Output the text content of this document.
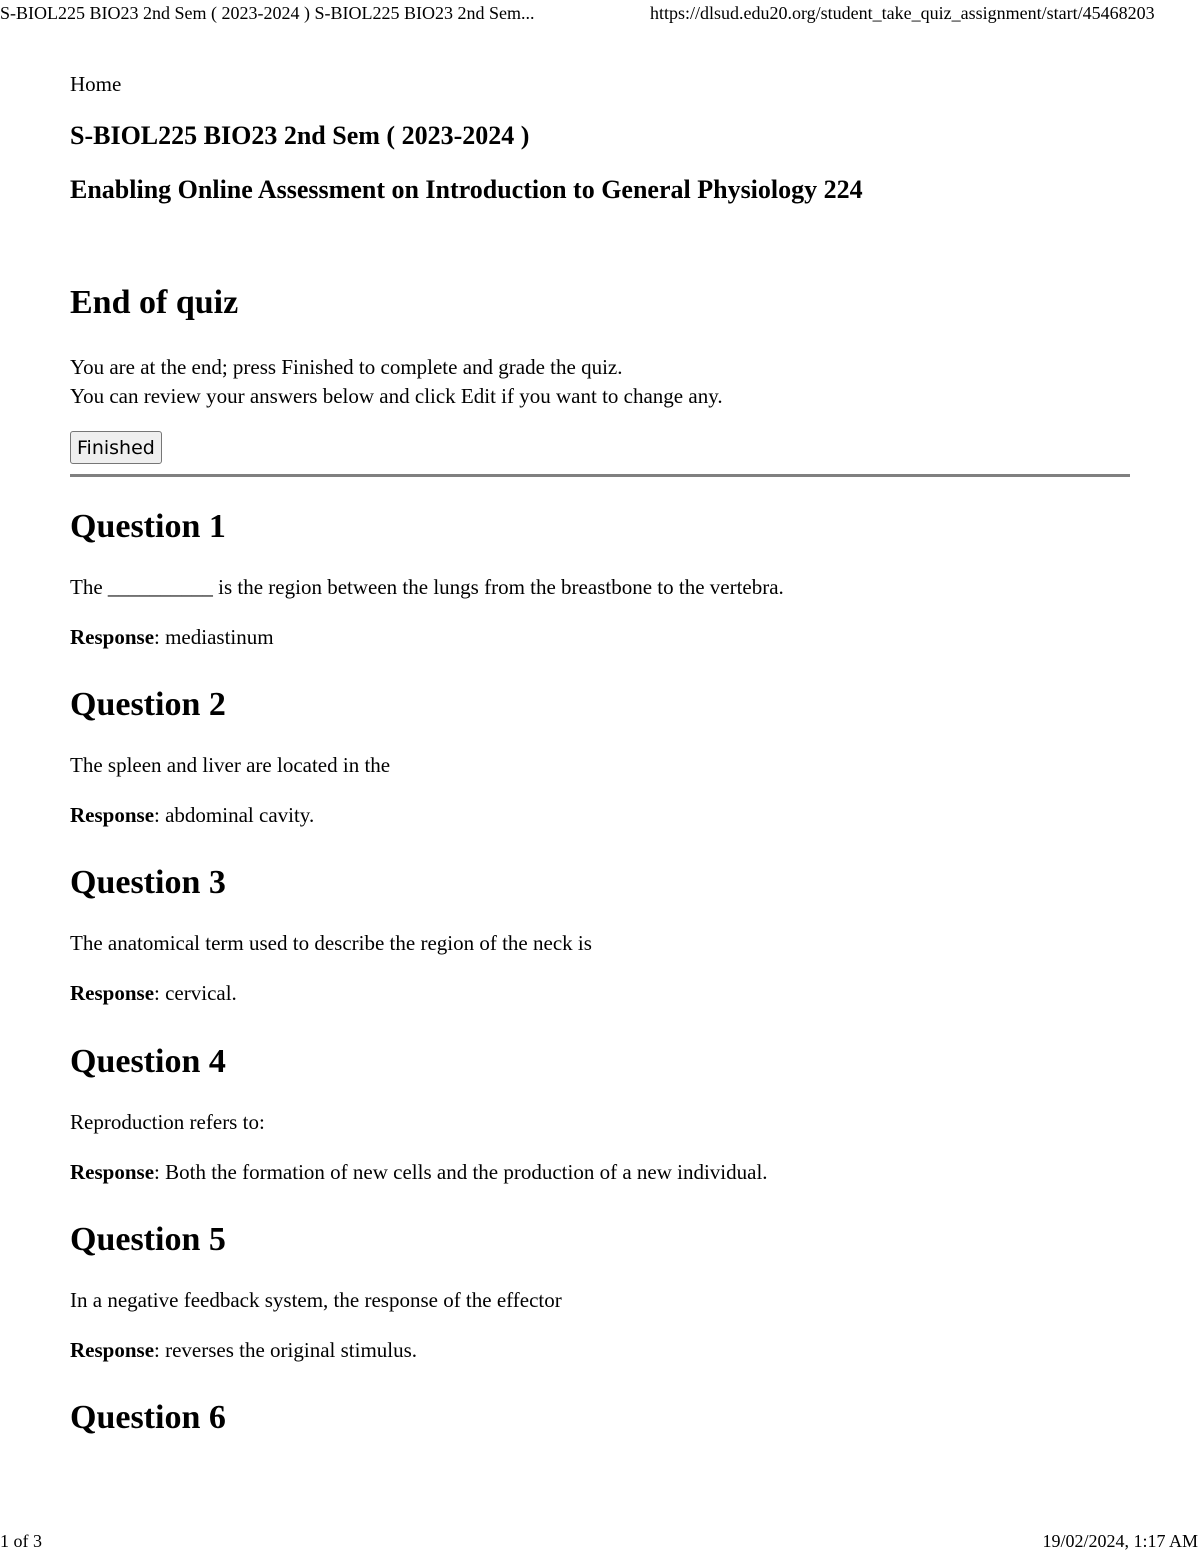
S-BIOL225 BIO23 2nd Sem ( 2023-2024 ) S-BIOL225 BIO23 2nd Sem...	https://dlsud.edu20.org/student_take_quiz_assignment/start/45468203
Home
S-BIOL225 BIO23 2nd Sem ( 2023-2024 )
Enabling Online Assessment on Introduction to General Physiology 224
End of quiz
You are at the end; press Finished to complete and grade the quiz.
You can review your answers below and click Edit if you want to change any.
Finished
Question 1
The __________ is the region between the lungs from the breastbone to the vertebra.
Response: mediastinum
Question 2
The spleen and liver are located in the
Response: abdominal cavity.
Question 3
The anatomical term used to describe the region of the neck is
Response: cervical.
Question 4
Reproduction refers to:
Response: Both the formation of new cells and the production of a new individual.
Question 5
In a negative feedback system, the response of the effector
Response: reverses the original stimulus.
Question 6
1 of 3	19/02/2024, 1:17 AM
